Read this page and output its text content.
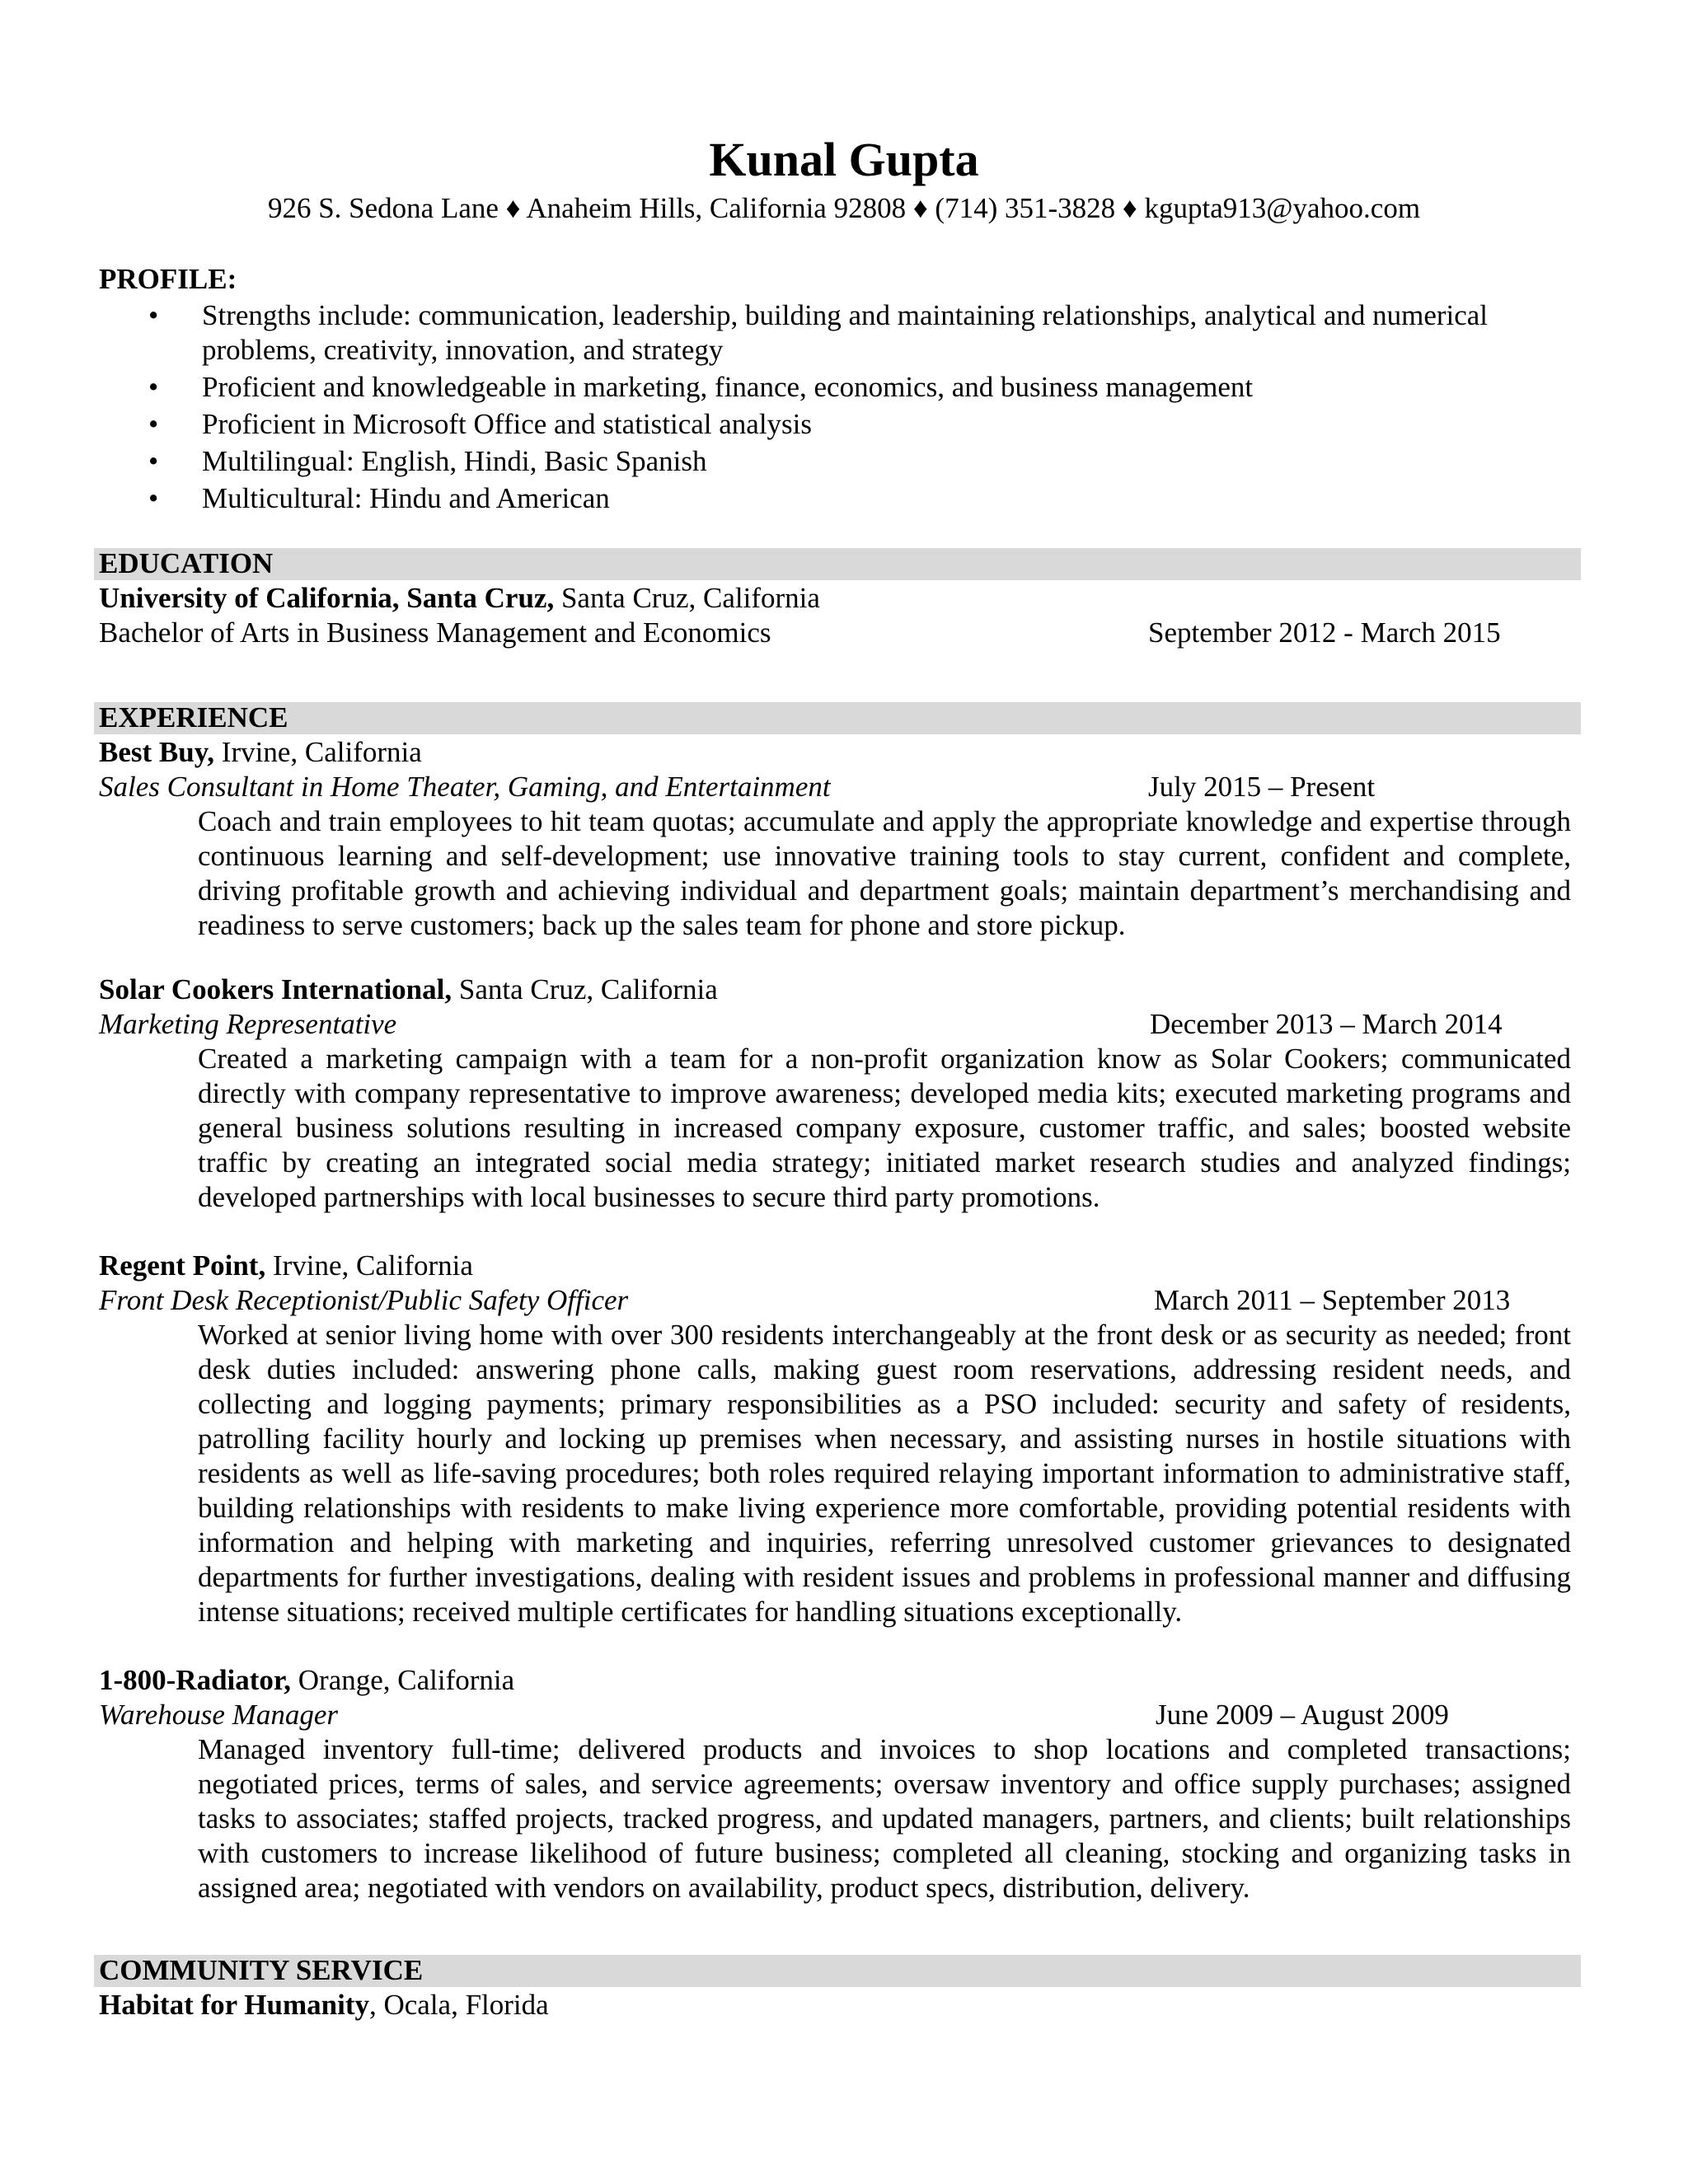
Kunal Gupta
926 S. Sedona Lane ♦ Anaheim Hills, California 92808 ♦ (714) 351-3828 ♦ kgupta913@yahoo.com
PROFILE:
• Strengths include: communication, leadership, building and maintaining relationships, analytical and numerical problems, creativity, innovation, and strategy
• Proficient and knowledgeable in marketing, finance, economics, and business management
• Proficient in Microsoft Office and statistical analysis
• Multilingual: English, Hindi, Basic Spanish
• Multicultural: Hindu and American
EDUCATION
University of California, Santa Cruz, Santa Cruz, California
Bachelor of Arts in Business Management and Economics	September 2012 - March 2015
EXPERIENCE
Best Buy, Irvine, California
Sales Consultant in Home Theater, Gaming, and Entertainment	July 2015 – Present
Coach and train employees to hit team quotas; accumulate and apply the appropriate knowledge and expertise through continuous learning and self-development; use innovative training tools to stay current, confident and complete, driving profitable growth and achieving individual and department goals; maintain department’s merchandising and readiness to serve customers; back up the sales team for phone and store pickup.
Solar Cookers International, Santa Cruz, California
Marketing Representative	December 2013 – March 2014
Created a marketing campaign with a team for a non-profit organization know as Solar Cookers; communicated directly with company representative to improve awareness; developed media kits; executed marketing programs and general business solutions resulting in increased company exposure, customer traffic, and sales; boosted website traffic by creating an integrated social media strategy; initiated market research studies and analyzed findings; developed partnerships with local businesses to secure third party promotions.
Regent Point, Irvine, California
Front Desk Receptionist/Public Safety Officer	March 2011 – September 2013
Worked at senior living home with over 300 residents interchangeably at the front desk or as security as needed; front desk duties included: answering phone calls, making guest room reservations, addressing resident needs, and collecting and logging payments; primary responsibilities as a PSO included: security and safety of residents, patrolling facility hourly and locking up premises when necessary, and assisting nurses in hostile situations with residents as well as life-saving procedures; both roles required relaying important information to administrative staff, building relationships with residents to make living experience more comfortable, providing potential residents with information and helping with marketing and inquiries, referring unresolved customer grievances to designated departments for further investigations, dealing with resident issues and problems in professional manner and diffusing intense situations; received multiple certificates for handling situations exceptionally.
1-800-Radiator, Orange, California
Warehouse Manager	June 2009 – August 2009
Managed inventory full-time; delivered products and invoices to shop locations and completed transactions; negotiated prices, terms of sales, and service agreements; oversaw inventory and office supply purchases; assigned tasks to associates; staffed projects, tracked progress, and updated managers, partners, and clients; built relationships with customers to increase likelihood of future business; completed all cleaning, stocking and organizing tasks in assigned area; negotiated with vendors on availability, product specs, distribution, delivery.
COMMUNITY SERVICE
Habitat for Humanity, Ocala, Florida
